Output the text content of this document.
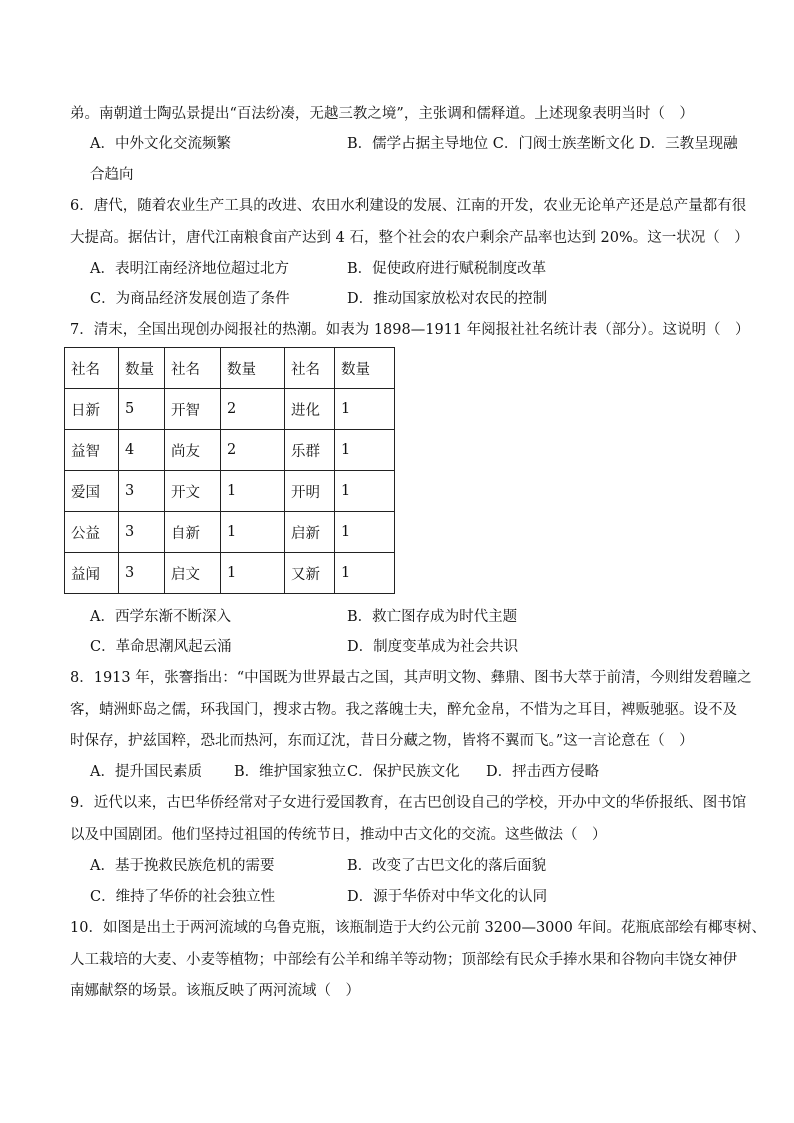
弟。南朝道士陶弘景提出“百法纷凑，无越三教之境”，主张调和儒释道。上述现象表明当时（　）
A．中外文化交流频繁	B．儒学占据主导地位 C．门阀士族垄断文化 D．三教呈现融
合趋向
6．唐代，随着农业生产工具的改进、农田水利建设的发展、江南的开发，农业无论单产还是总产量都有很
大提高。据估计，唐代江南粮食亩产达到 4 石，整个社会的农户剩余产品率也达到 20%。这一状况（　）
A．表明江南经济地位超过北方	B．促使政府进行赋税制度改革
C．为商品经济发展创造了条件	D．推动国家放松对农民的控制
7．清末，全国出现创办阅报社的热潮。如表为 1898—1911 年阅报社社名统计表（部分）。这说明（　）
社名	数量	社名	数量	社名	数量
日新	5	开智	2	进化	1
益智	4	尚友	2	乐群	1
爱国	3	开文	1	开明	1
公益	3	自新	1	启新	1
益闻	3	启文	1	又新	1
A．西学东渐不断深入	B．救亡图存成为时代主题
C．革命思潮风起云涌	D．制度变革成为社会共识
8．1913 年，张謇指出：“中国既为世界最古之国，其声明文物、彝鼎、图书大萃于前清，今则绀发碧瞳之
客，蜻洲虾岛之儒，环我国门，搜求古物。我之落魄士夫，醉允金帛，不惜为之耳目，裨贩驰驱。设不及
时保存，护兹国粹，恐北而热河，东而辽沈，昔日分藏之物，皆将不翼而飞。”这一言论意在（　）
A．提升国民素质 B．维护国家独立 C．保护民族文化 D．抨击西方侵略
9．近代以来，古巴华侨经常对子女进行爱国教育，在古巴创设自己的学校，开办中文的华侨报纸、图书馆
以及中国剧团。他们坚持过祖国的传统节日，推动中古文化的交流。这些做法（　）
A．基于挽救民族危机的需要	B．改变了古巴文化的落后面貌
C．维持了华侨的社会独立性	D．源于华侨对中华文化的认同
10．如图是出土于两河流域的乌鲁克瓶，该瓶制造于大约公元前 3200—3000 年间。花瓶底部绘有椰枣树、
人工栽培的大麦、小麦等植物；中部绘有公羊和绵羊等动物；顶部绘有民众手捧水果和谷物向丰饶女神伊
南娜献祭的场景。该瓶反映了两河流域（　）
